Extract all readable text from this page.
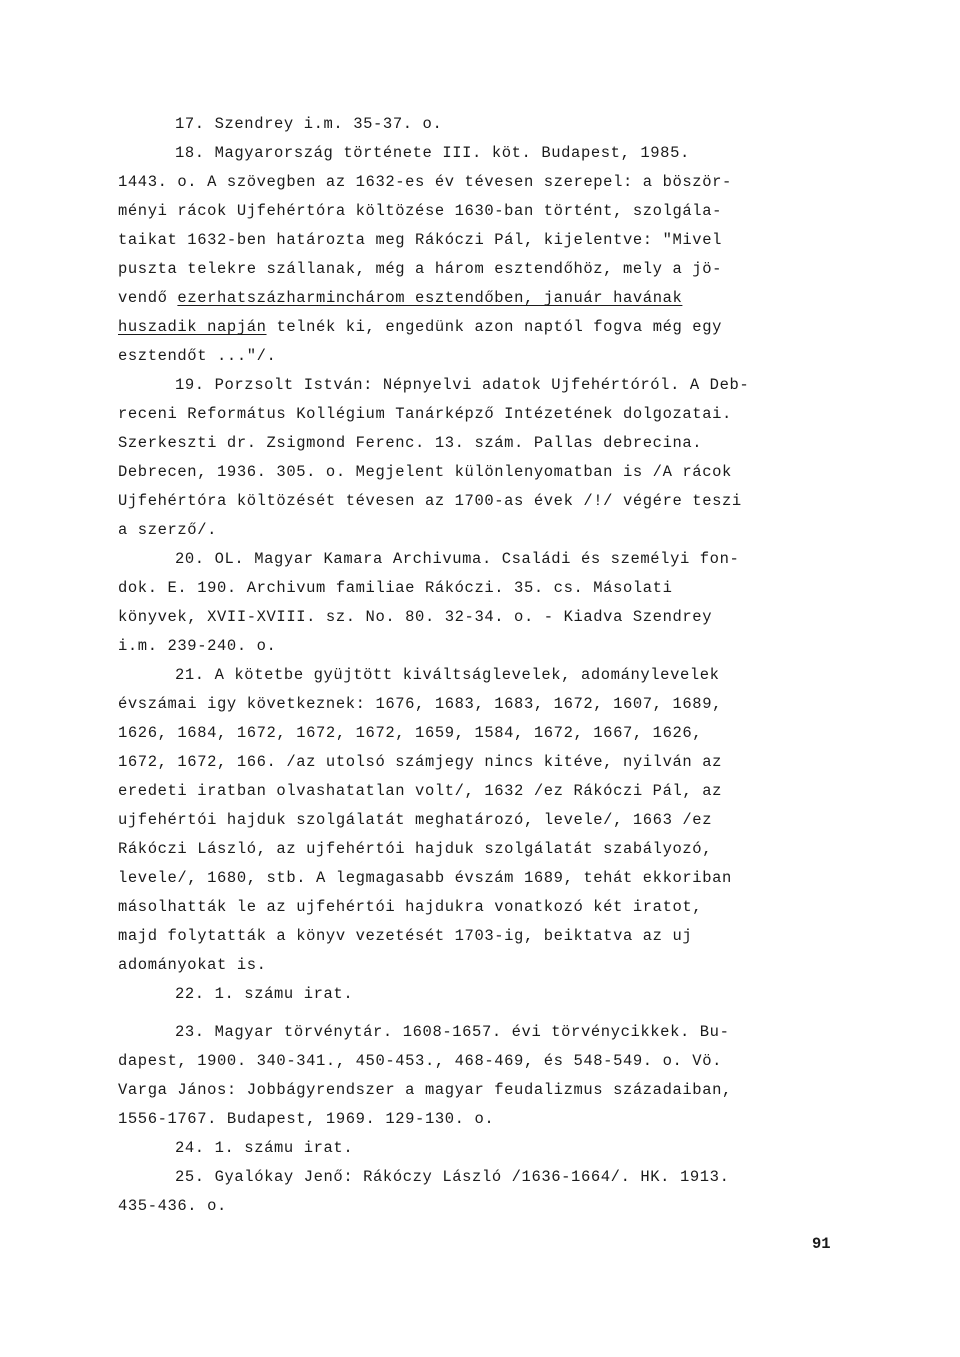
17. Szendrey i.m. 35-37. o.
18. Magyarország története III. köt. Budapest, 1985.
1443. o. A szövegben az 1632-es év tévesen szerepel: a böször-
ményi rácok Ujfehértóra költözése 1630-ban történt, szolgála-
taikat 1632-ben határozta meg Rákóczi Pál, kijelentve: "Mivel
puszta telekre szállanak, még a három esztendőhöz, mely a jö-
vendő ezerhatszázharminchárom esztendőben, január havának
huszadik napján telnék ki, engedünk azon naptól fogva még egy
esztendőt ..."/.
19. Porzsolt István: Népnyelvi adatok Ujfehértóról. A Deb-
receni Református Kollégium Tanárképző Intézetének dolgozatai.
Szerkeszti dr. Zsigmond Ferenc. 13. szám. Pallas debrecina.
Debrecen, 1936. 305. o. Megjelent különlenyomatban is /A rácok
Ujfehértóra költözését tévesen az 1700-as évek /!/ végére teszi
a szerző/.
20. OL. Magyar Kamara Archivuma. Családi és személyi fon-
dok. E. 190. Archivum familiae Rákóczi. 35. cs. Másolati
könyvek, XVII-XVIII. sz. No. 80. 32-34. o. - Kiadva Szendrey
i.m. 239-240. o.
21. A kötetbe gyüjtött kiváltságlevelek, adománylevelek
évszámai igy következnek: 1676, 1683, 1683, 1672, 1607, 1689,
1626, 1684, 1672, 1672, 1672, 1659, 1584, 1672, 1667, 1626,
1672, 1672, 166. /az utolsó számjegy nincs kitéve, nyilván az
eredeti iratban olvashatatlan volt/, 1632 /ez Rákóczi Pál, az
ujfehértói hajduk szolgálatát meghatározó, levele/, 1663 /ez
Rákóczi László, az ujfehértói hajduk szolgálatát szabályozó,
levele/, 1680, stb. A legmagasabb évszám 1689, tehát ekkoriban
másolhatták le az ujfehértói hajdukra vonatkozó két iratot,
majd folytatták a könyv vezetését 1703-ig, beiktatva az uj
adományokat is.
22. 1. számu irat.
23. Magyar törvénytár. 1608-1657. évi törvénycikkek. Bu-
dapest, 1900. 340-341., 450-453., 468-469, és 548-549. o. Vö.
Varga János: Jobbágyrendszer a magyar feudalizmus századaiban,
1556-1767. Budapest, 1969. 129-130. o.
24. 1. számu irat.
25. Gyalókay Jenő: Rákóczy László /1636-1664/. HK. 1913.
435-436. o.
91
